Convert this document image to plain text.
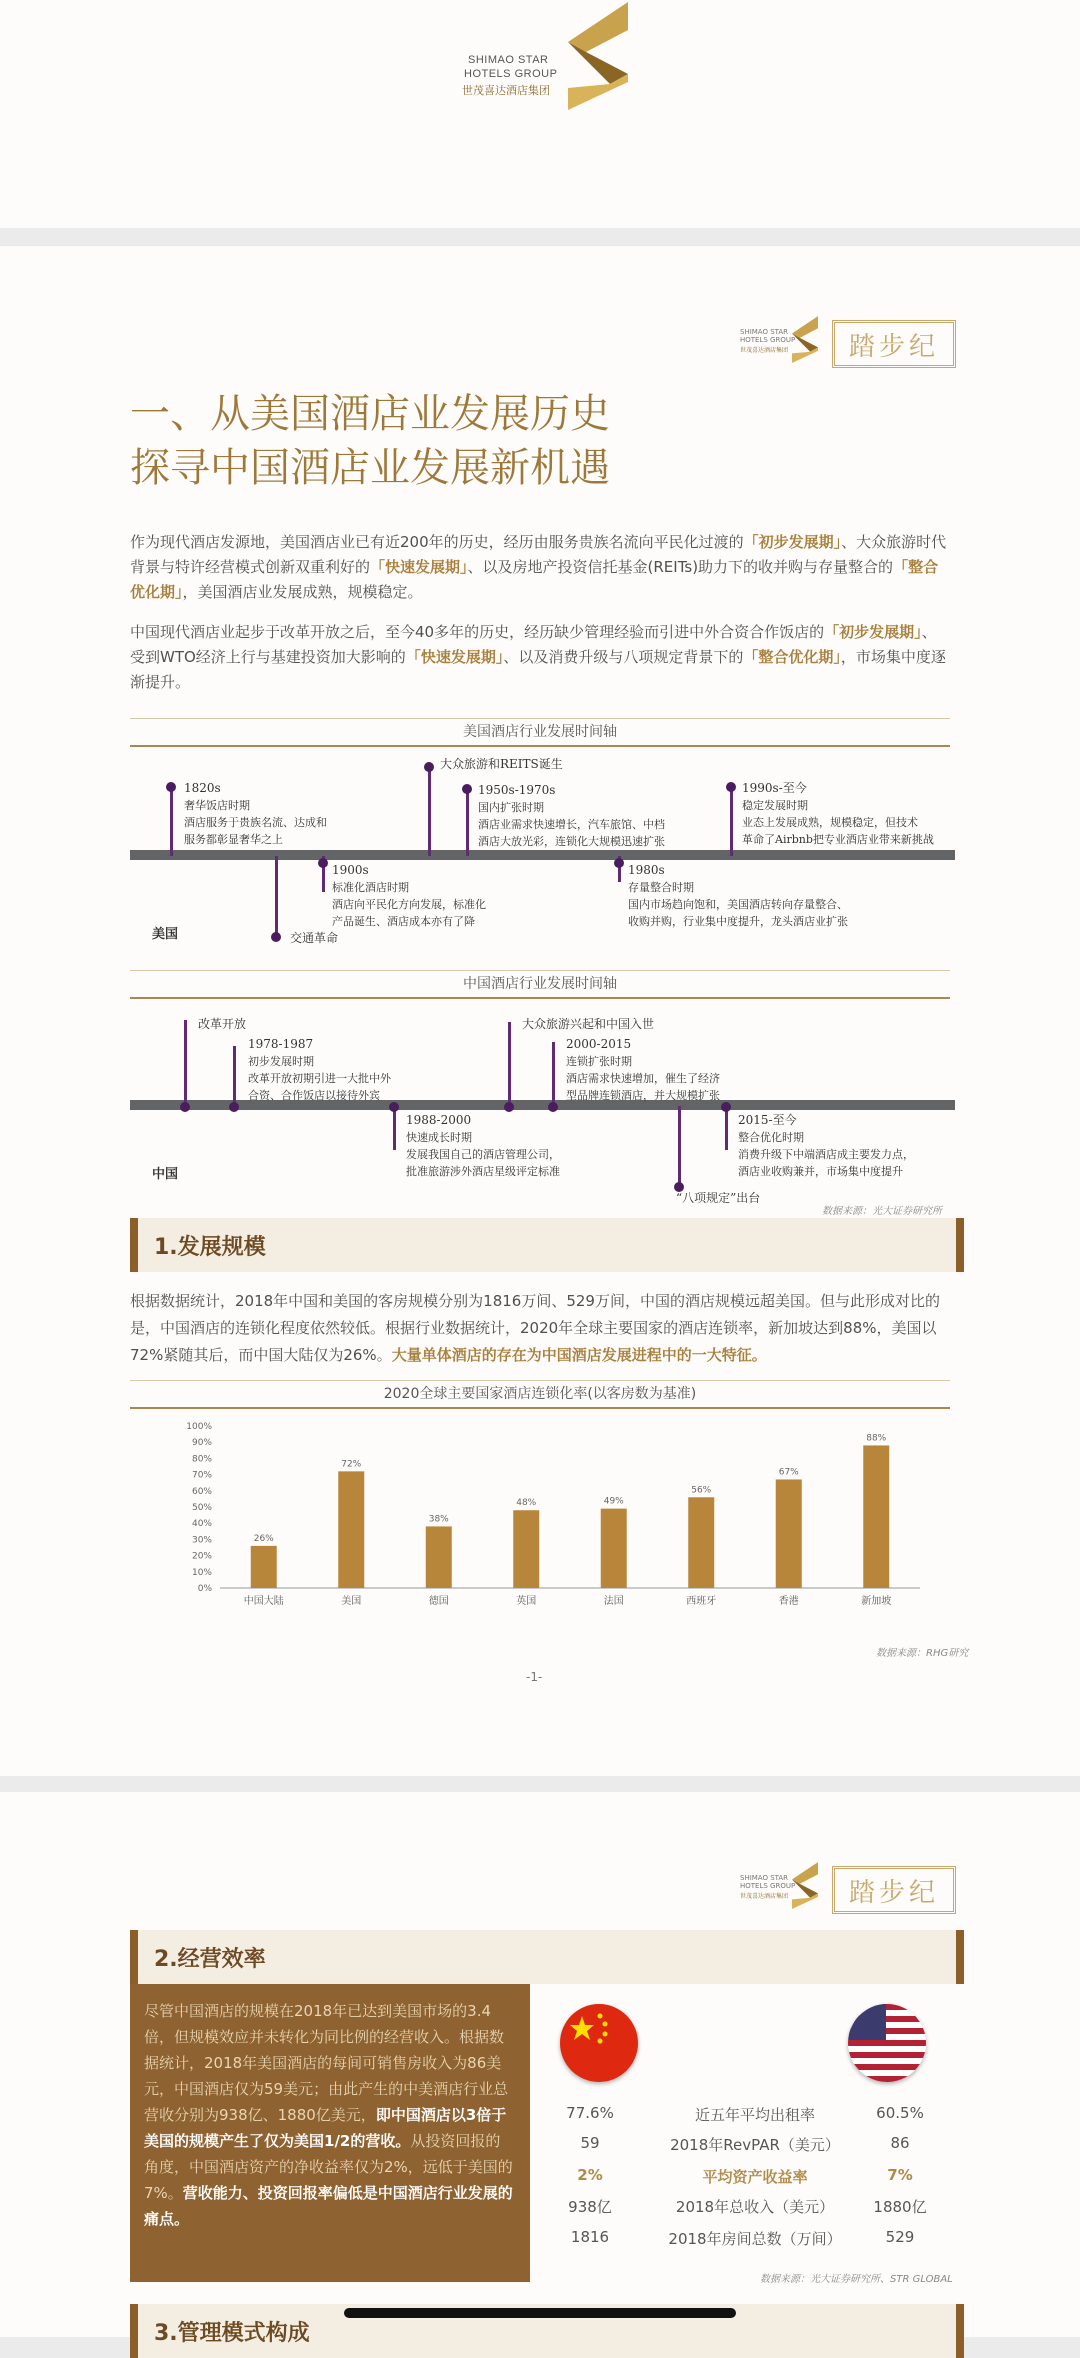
SHIMAO STAR
HOTELS GROUP
世茂喜达酒店集团
SHIMAO STAR
HOTELS GROUP
世茂喜达酒店集团 踏步纪
一、从美国酒店业发展历史
探寻中国酒店业发展新机遇
作为现代酒店发源地，美国酒店业已有近200年的历史，经历由服务贵族名流向平民化过渡的「初步发展期」、大众旅游时代背景与特许经营模式创新双重利好的「快速发展期」、以及房地产投资信托基金(REITs)助力下的收并购与存量整合的「整合优化期」，美国酒店业发展成熟，规模稳定。
中国现代酒店业起步于改革开放之后，至今40多年的历史，经历缺少管理经验而引进中外合资合作饭店的「初步发展期」、受到WTO经济上行与基建投资加大影响的「快速发展期」、以及消费升级与八项规定背景下的「整合优化期」，市场集中度逐渐提升。
美国酒店行业发展时间轴
1820s
奢华饭店时期
酒店服务于贵族名流、达成和
服务都彰显奢华之上
交通革命
1900s
标准化酒店时期
酒店向平民化方向发展，标准化
产品诞生、酒店成本亦有了降
大众旅游和REITS诞生
1950s-1970s
国内扩张时期
酒店业需求快速增长，汽车旅馆、中档
酒店大放光彩，连锁化大规模迅速扩张
1980s
存量整合时期
国内市场趋向饱和，美国酒店转向存量整合、
收购并购，行业集中度提升，龙头酒店业扩张
1990s-至今
稳定发展时期
业态上发展成熟，规模稳定，但技术
革命了Airbnb把专业酒店业带来新挑战
美国
中国酒店行业发展时间轴
改革开放
1978-1987
初步发展时期
改革开放初期引进一大批中外
合资、合作饭店以接待外宾
1988-2000
快速成长时期
发展我国自己的酒店管理公司，
批准旅游涉外酒店星级评定标准
大众旅游兴起和中国入世
2000-2015
连锁扩张时期
酒店需求快速增加，催生了经济
型品牌连锁酒店，并大规模扩张
“八项规定”出台
2015-至今
整合优化时期
消费升级下中端酒店成主要发力点，
酒店业收购兼并，市场集中度提升
中国
数据来源：光大证券研究所
1.发展规模
根据数据统计，2018年中国和美国的客房规模分别为1816万间、529万间，中国的酒店规模远超美国。但与此形成对比的是，中国酒店的连锁化程度依然较低。根据行业数据统计，2020年全球主要国家的酒店连锁率，新加坡达到88%，美国以72%紧随其后，而中国大陆仅为26%。大量单体酒店的存在为中国酒店发展进程中的一大特征。
2020全球主要国家酒店连锁化率(以客房数为基准)
0%
10%
20%
30%
40%
50%
60%
70%
80%
90%
100%
26%
中国大陆
72%
美国
38%
德国
48%
英国
49%
法国
56%
西班牙
67%
香港
88%
新加坡
数据来源：RHG研究
-1-
SHIMAO STAR
HOTELS GROUP
世茂喜达酒店集团 踏步纪
2.经营效率
尽管中国酒店的规模在2018年已达到美国市场的3.4倍，但规模效应并未转化为同比例的经营收入。根据数据统计，2018年美国酒店的每间可销售房收入为86美元，中国酒店仅为59美元；由此产生的中美酒店行业总营收分别为938亿、1880亿美元，即中国酒店以3倍于美国的规模产生了仅为美国1/2的营收。从投资回报的角度，中国酒店资产的净收益率仅为2%，远低于美国的7%。营收能力、投资回报率偏低是中国酒店行业发展的痛点。
77.6%	近五年平均出租率	60.5%
59	2018年RevPAR（美元）	86
2%	平均资产收益率	7%
938亿	2018年总收入（美元）	1880亿
1816	2018年房间总数（万间）	529
数据来源：光大证券研究所、STR GLOBAL
3.管理模式构成
